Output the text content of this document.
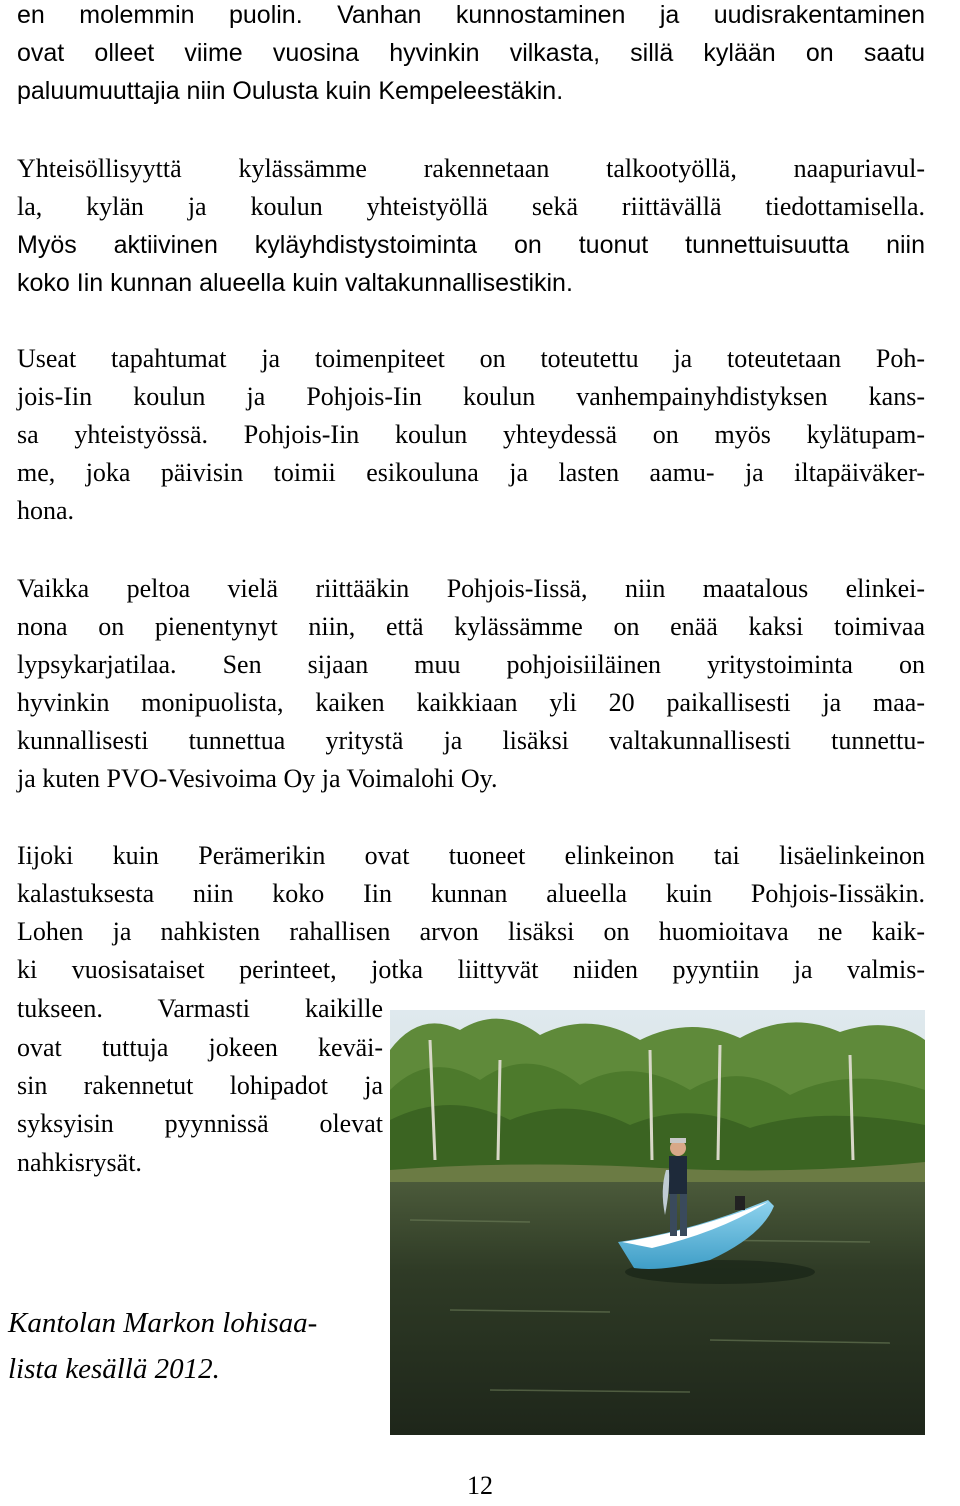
en molemmin puolin. Vanhan kunnostaminen ja uudisrakentaminen
ovat olleet viime vuosina hyvinkin vilkasta, sillä kylään on saatu
paluumuuttajia niin Oulusta kuin Kempeleestäkin.
Yhteisöllisyyttä kylässämme rakennetaan talkootyöllä, naapuriavul-
la, kylän ja koulun yhteistyöllä sekä riittävällä tiedottamisella.
Myös aktiivinen kyläyhdistystoiminta on tuonut tunnettuisuutta niin
koko Iin kunnan alueella kuin valtakunnallisestikin.
Useat tapahtumat ja toimenpiteet on toteutettu ja toteutetaan Poh-
jois-Iin koulun ja Pohjois-Iin koulun vanhempainyhdistyksen kans-
sa yhteistyössä. Pohjois-Iin koulun yhteydessä on myös kylätupam-
me, joka päivisin toimii esikouluna ja lasten aamu- ja iltapäiväker-
hona.
Vaikka peltoa vielä riittääkin Pohjois-Iissä, niin maatalous elinkei-
nona on pienentynyt niin, että kylässämme on enää kaksi toimivaa
lypsykarjatilaa. Sen sijaan muu pohjoisiiläinen yritystoiminta on
hyvinkin monipuolista, kaiken kaikkiaan yli 20 paikallisesti ja maa-
kunnallisesti tunnettua yritystä ja lisäksi valtakunnallisesti tunnettu-
ja kuten PVO-Vesivoima Oy ja Voimalohi Oy.
Iijoki kuin Perämerikin ovat tuoneet elinkeinon tai lisäelinkeinon
kalastuksesta niin koko Iin kunnan alueella kuin Pohjois-Iissäkin.
Lohen ja nahkisten rahallisen arvon lisäksi on huomioitava ne kaik-
ki vuosisataiset perinteet, jotka liittyvät niiden pyyntiin ja valmis-
tukseen. Varmasti kaikille
ovat tuttuja jokeen keväi-
sin rakennetut lohipadot ja
syksyisin pyynnissä olevat
nahkisrysät.
Kantolan Markon lohisaa-
lista kesällä 2012.
12
